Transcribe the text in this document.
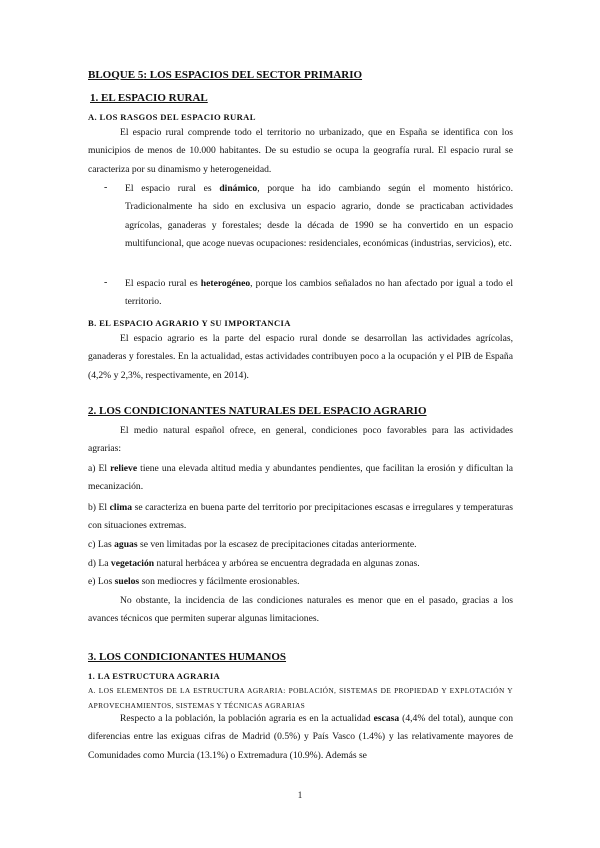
BLOQUE 5: LOS ESPACIOS DEL SECTOR PRIMARIO
1. EL ESPACIO RURAL
A. LOS RASGOS DEL ESPACIO RURAL
El espacio rural comprende todo el territorio no urbanizado, que en España se identifica con los municipios de menos de 10.000 habitantes. De su estudio se ocupa la geografía rural. El espacio rural se caracteriza por su dinamismo y heterogeneidad.
- El espacio rural es dinámico, porque ha ido cambiando según el momento histórico. Tradicionalmente ha sido en exclusiva un espacio agrario, donde se practicaban actividades agrícolas, ganaderas y forestales; desde la década de 1990 se ha convertido en un espacio multifuncional, que acoge nuevas ocupaciones: residenciales, económicas (industrias, servicios), etc.
- El espacio rural es heterogéneo, porque los cambios señalados no han afectado por igual a todo el territorio.
B. EL ESPACIO AGRARIO Y SU IMPORTANCIA
El espacio agrario es la parte del espacio rural donde se desarrollan las actividades agrícolas, ganaderas y forestales. En la actualidad, estas actividades contribuyen poco a la ocupación y el PIB de España (4,2% y 2,3%, respectivamente, en 2014).
2. LOS CONDICIONANTES NATURALES DEL ESPACIO AGRARIO
El medio natural español ofrece, en general, condiciones poco favorables para las actividades agrarias:
a) El relieve tiene una elevada altitud media y abundantes pendientes, que facilitan la erosión y dificultan la mecanización.
b) El clima se caracteriza en buena parte del territorio por precipitaciones escasas e irregulares y temperaturas con situaciones extremas.
c) Las aguas se ven limitadas por la escasez de precipitaciones citadas anteriormente.
d) La vegetación natural herbácea y arbórea se encuentra degradada en algunas zonas.
e) Los suelos son mediocres y fácilmente erosionables.
No obstante, la incidencia de las condiciones naturales es menor que en el pasado, gracias a los avances técnicos que permiten superar algunas limitaciones.
3. LOS CONDICIONANTES HUMANOS
1. LA ESTRUCTURA AGRARIA
A. LOS ELEMENTOS DE LA ESTRUCTURA AGRARIA: POBLACIÓN, SISTEMAS DE PROPIEDAD Y EXPLOTACIÓN Y APROVECHAMIENTOS, SISTEMAS Y TÉCNICAS AGRARIAS
Respecto a la población, la población agraria es en la actualidad escasa (4,4% del total), aunque con diferencias entre las exiguas cifras de Madrid (0.5%) y País Vasco (1.4%) y las relativamente mayores de Comunidades como Murcia (13.1%) o Extremadura (10.9%). Además se
1
